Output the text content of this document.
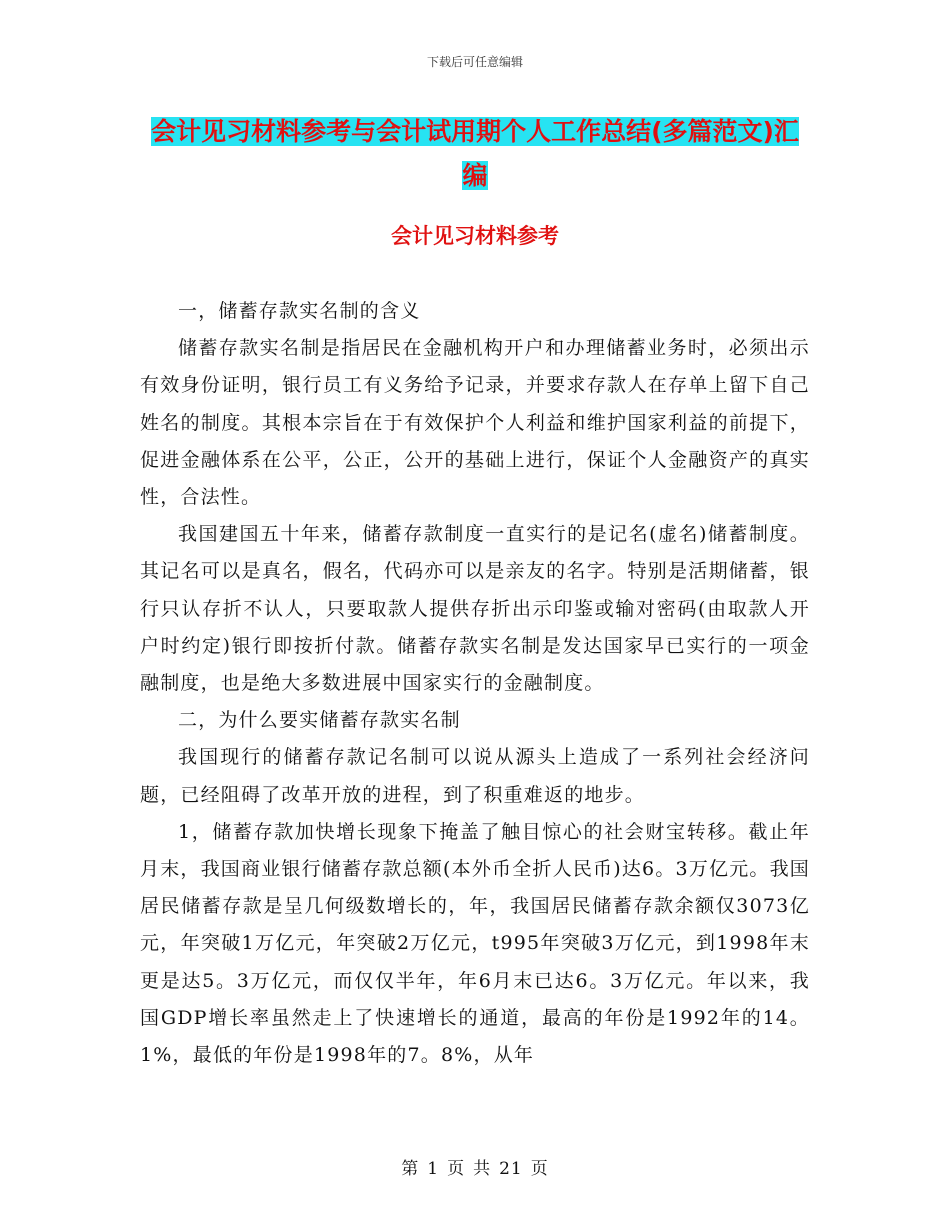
下载后可任意编辑
会计见习材料参考与会计试用期个人工作总结(多篇范文)汇编
会计见习材料参考

一，储蓄存款实名制的含义

储蓄存款实名制是指居民在金融机构开户和办理储蓄业务时，必须出示有效身份证明，银行员工有义务给予记录，并要求存款人在存单上留下自己姓名的制度。其根本宗旨在于有效保护个人利益和维护国家利益的前提下，促进金融体系在公平，公正，公开的基础上进行，保证个人金融资产的真实性，合法性。

我国建国五十年来，储蓄存款制度一直实行的是记名(虚名)储蓄制度。其记名可以是真名，假名，代码亦可以是亲友的名字。特别是活期储蓄，银行只认存折不认人，只要取款人提供存折出示印鉴或输对密码(由取款人开户时约定)银行即按折付款。储蓄存款实名制是发达国家早已实行的一项金融制度，也是绝大多数进展中国家实行的金融制度。

二，为什么要实储蓄存款实名制

我国现行的储蓄存款记名制可以说从源头上造成了一系列社会经济问题，已经阻碍了改革开放的进程，到了积重难返的地步。

1，储蓄存款加快增长现象下掩盖了触目惊心的社会财宝转移。截止年月末，我国商业银行储蓄存款总额(本外币全折人民币)达6。3万亿元。我国居民储蓄存款是呈几何级数增长的，年，我国居民储蓄存款余额仅3073亿元，年突破1万亿元，年突破2万亿元，t995年突破3万亿元，到1998年末更是达5。3万亿元，而仅仅半年，年6月末已达6。3万亿元。年以来，我国GDP增长率虽然走上了快速增长的通道，最高的年份是1992年的14。1%，最低的年份是1998年的7。8%，从年

第 1 页 共 21 页
